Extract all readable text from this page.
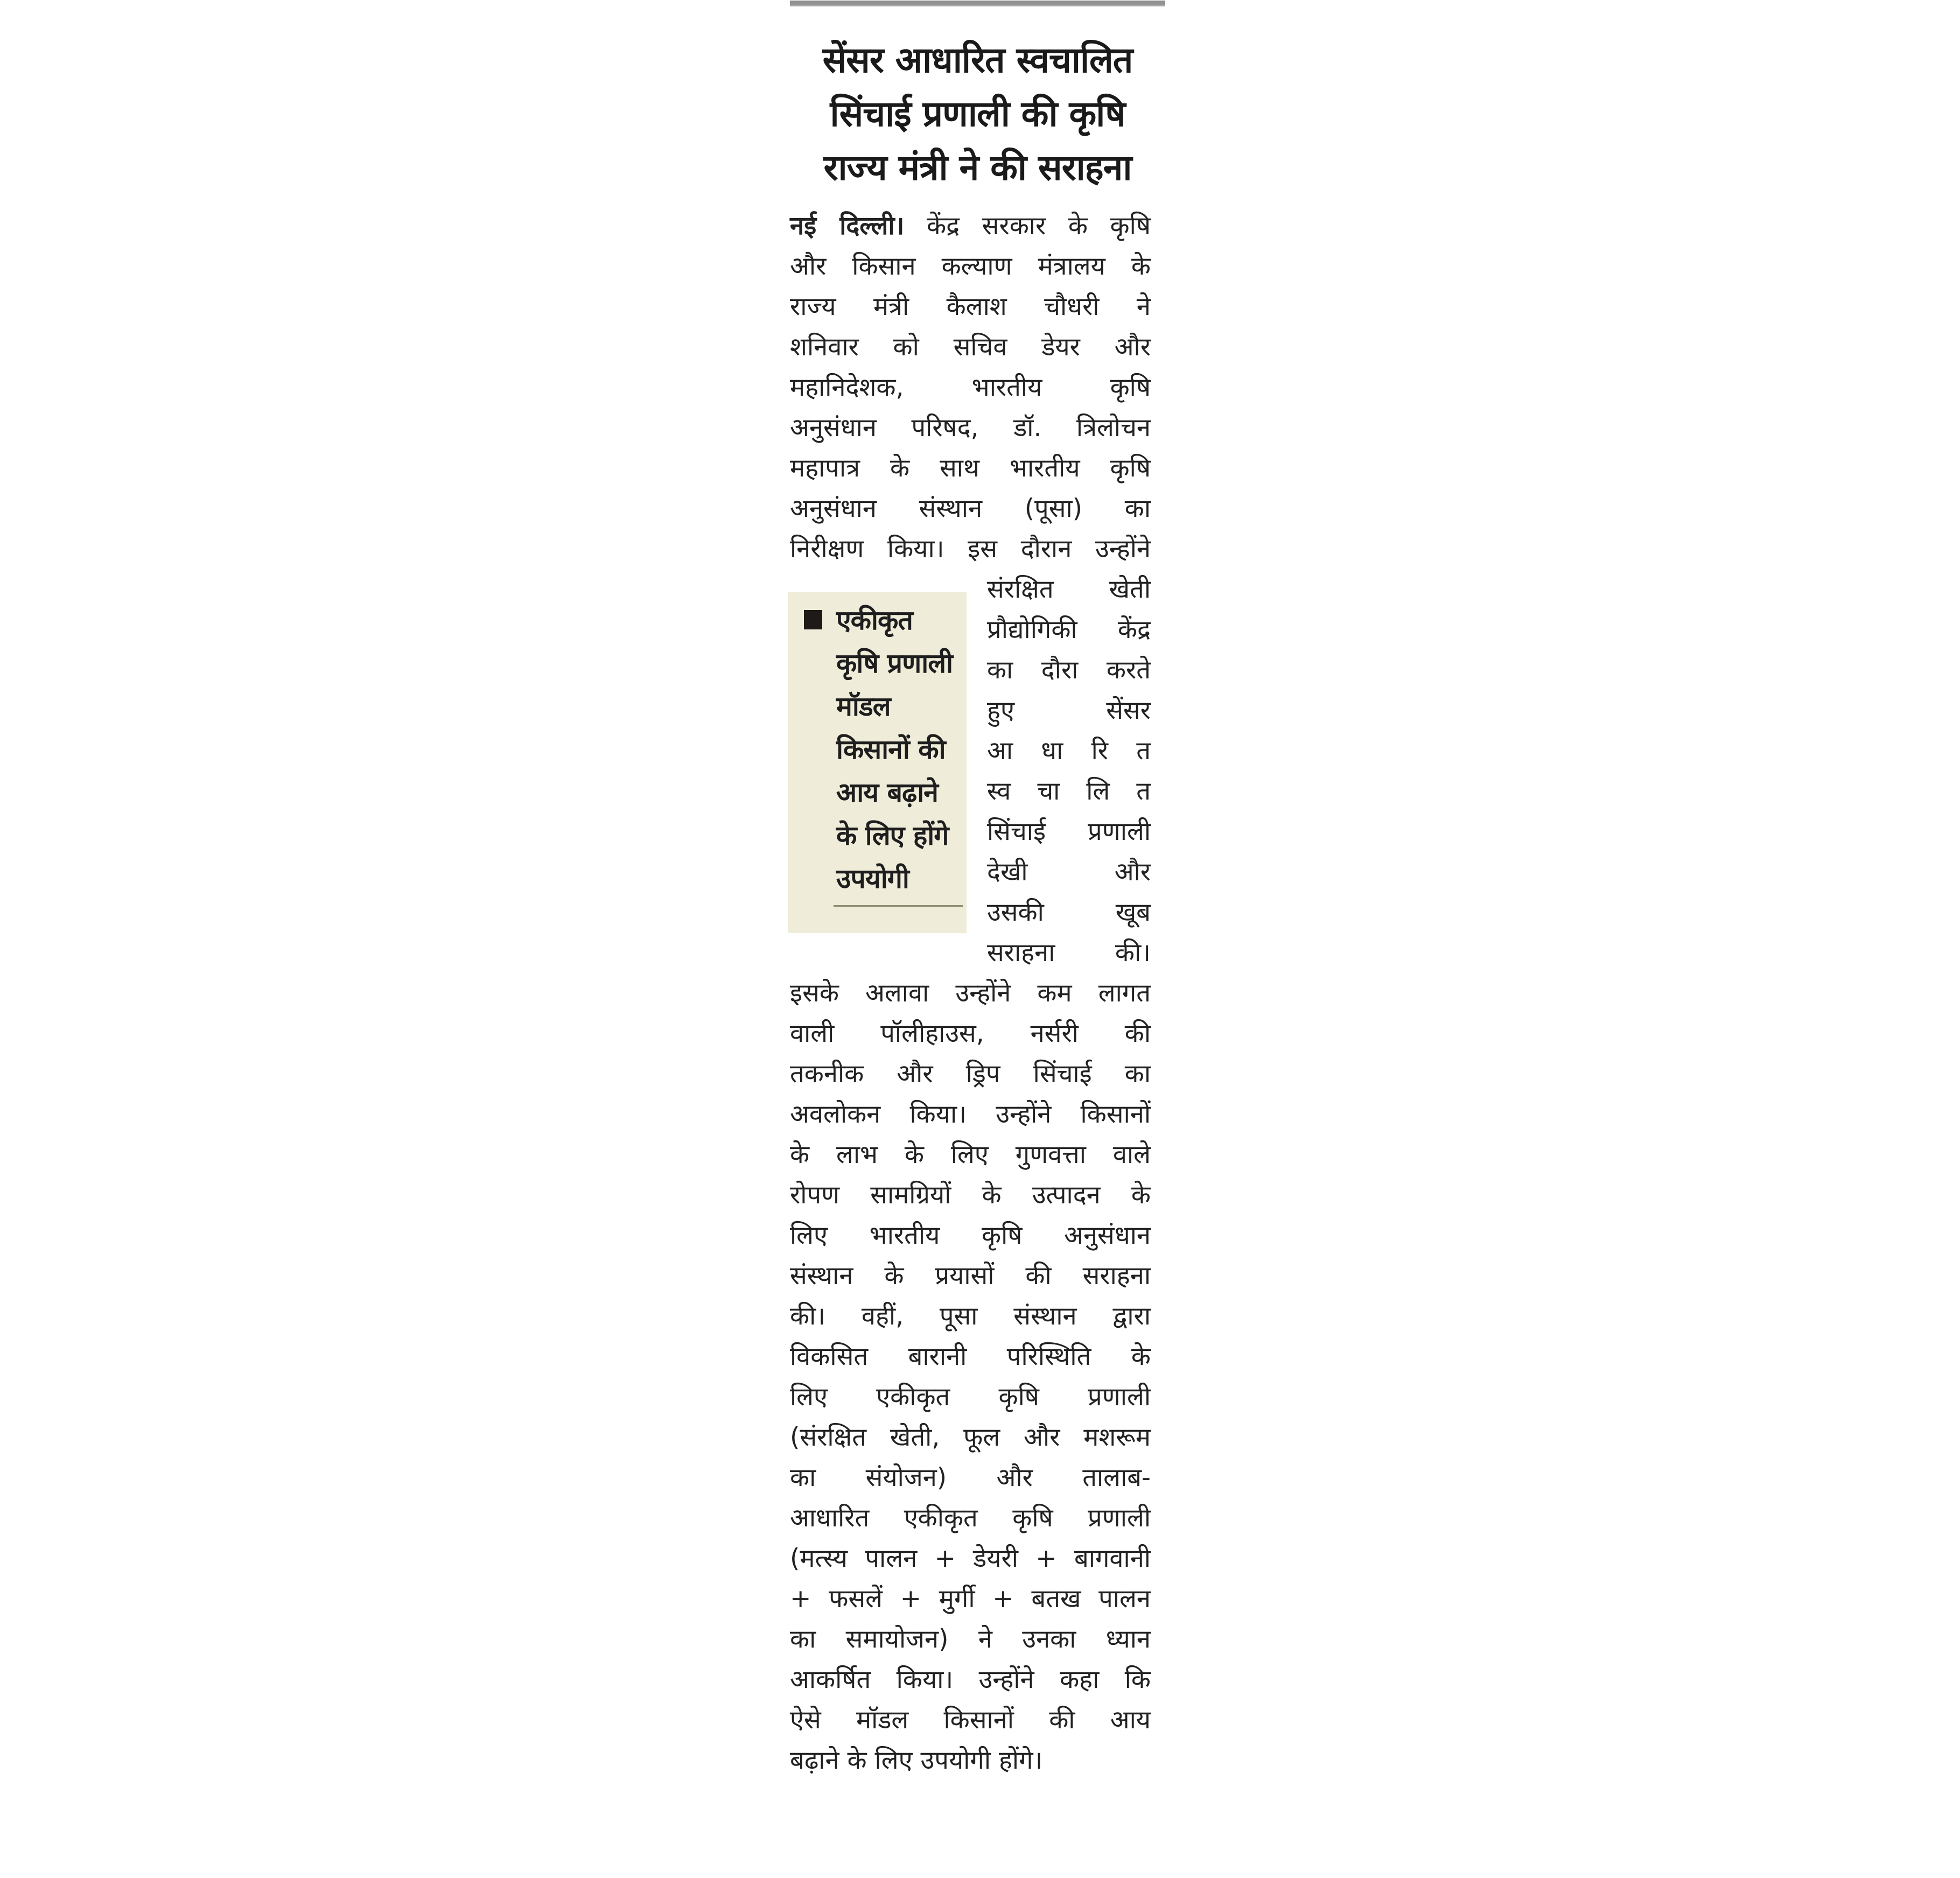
सेंसर आधारित स्वचालित
सिंचाई प्रणाली की कृषि
राज्य मंत्री ने की सराहना
नई दिल्ली। केंद्र सरकार के कृषि
और किसान कल्याण मंत्रालय के
राज्य मंत्री कैलाश चौधरी ने
शनिवार को सचिव डेयर और
महानिदेशक, भारतीय कृषि
अनुसंधान परिषद, डॉ. त्रिलोचन
महापात्र के साथ भारतीय कृषि
अनुसंधान संस्थान (पूसा) का
निरीक्षण किया। इस दौरान उन्होंने
संरक्षित खेती
प्रौद्योगिकी केंद्र
का दौरा करते
हुए सेंसर
आ धा रि त
स्व चा लि त
सिंचाई प्रणाली
देखी और
उसकी खूब
सराहना की।
इसके अलावा उन्होंने कम लागत
वाली पॉलीहाउस, नर्सरी की
तकनीक और ड्रिप सिंचाई का
अवलोकन किया। उन्होंने किसानों
के लाभ के लिए गुणवत्ता वाले
रोपण सामग्रियों के उत्पादन के
लिए भारतीय कृषि अनुसंधान
संस्थान के प्रयासों की सराहना
की। वहीं, पूसा संस्थान द्वारा
विकसित बारानी परिस्थिति के
लिए एकीकृत कृषि प्रणाली
(संरक्षित खेती, फूल और मशरूम
का संयोजन) और तालाब-
आधारित एकीकृत कृषि प्रणाली
(मत्स्य पालन + डेयरी + बागवानी
+ फसलें + मुर्गी + बतख पालन
का समायोजन) ने उनका ध्यान
आकर्षित किया। उन्होंने कहा कि
ऐसे मॉडल किसानों की आय
बढ़ाने के लिए उपयोगी होंगे।
एकीकृत
कृषि प्रणाली
मॉडल
किसानों की
आय बढ़ाने
के लिए होंगे
उपयोगी
